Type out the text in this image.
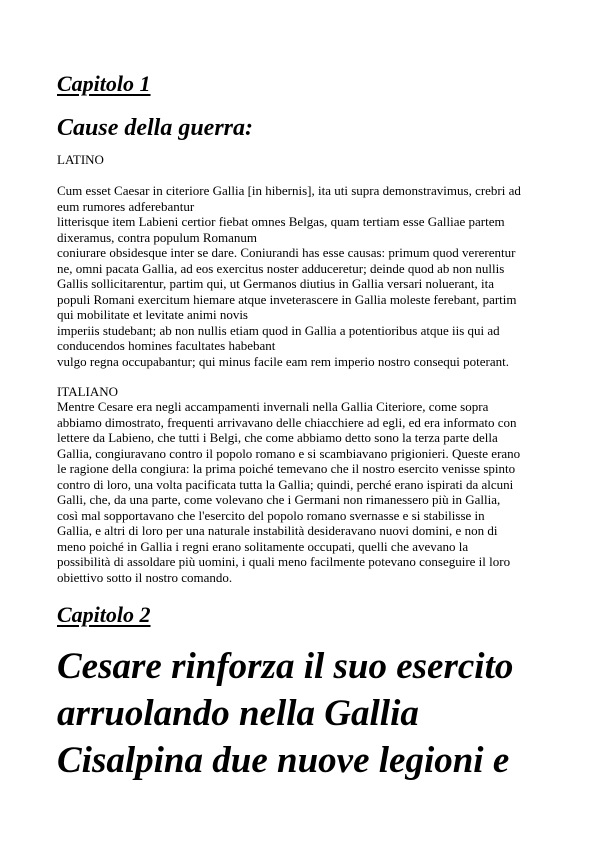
Capitolo 1
Cause della guerra:

LATINO

Cum esset Caesar in citeriore Gallia [in hibernis], ita uti supra demonstravimus, crebri ad
eum rumores adferebantur
litterisque item Labieni certior fiebat omnes Belgas, quam tertiam esse Galliae partem
dixeramus, contra populum Romanum
coniurare obsidesque inter se dare. Coniurandi has esse causas: primum quod vererentur
ne, omni pacata Gallia, ad eos exercitus noster adduceretur; deinde quod ab non nullis
Gallis sollicitarentur, partim qui, ut Germanos diutius in Gallia versari noluerant, ita
populi Romani exercitum hiemare atque inveterascere in Gallia moleste ferebant, partim
qui mobilitate et levitate animi novis
imperiis studebant; ab non nullis etiam quod in Gallia a potentioribus atque iis qui ad
conducendos homines facultates habebant
vulgo regna occupabantur; qui minus facile eam rem imperio nostro consequi poterant.

ITALIANO

Mentre Cesare era negli accampamenti invernali nella Gallia Citeriore, come sopra
abbiamo dimostrato, frequenti arrivavano delle chiacchiere ad egli, ed era informato con
lettere da Labieno, che tutti i Belgi, che come abbiamo detto sono la terza parte della
Gallia, congiuravano contro il popolo romano e si scambiavano prigionieri. Queste erano
le ragione della congiura: la prima poiché temevano che il nostro esercito venisse spinto
contro di loro, una volta pacificata tutta la Gallia; quindi, perché erano ispirati da alcuni
Galli, che, da una parte, come volevano che i Germani non rimanessero più in Gallia,
così mal sopportavano che l'esercito del popolo romano svernasse e si stabilisse in
Gallia, e altri di loro per una naturale instabilità desideravano nuovi domini, e non di
meno poiché in Gallia i regni erano solitamente occupati, quelli che avevano la
possibilità di assoldare più uomini, i quali meno facilmente potevano conseguire il loro
obiettivo sotto il nostro comando.
Capitolo 2
Cesare rinforza il suo esercito
arruolando nella Gallia
Cisalpina due nuove legioni e
